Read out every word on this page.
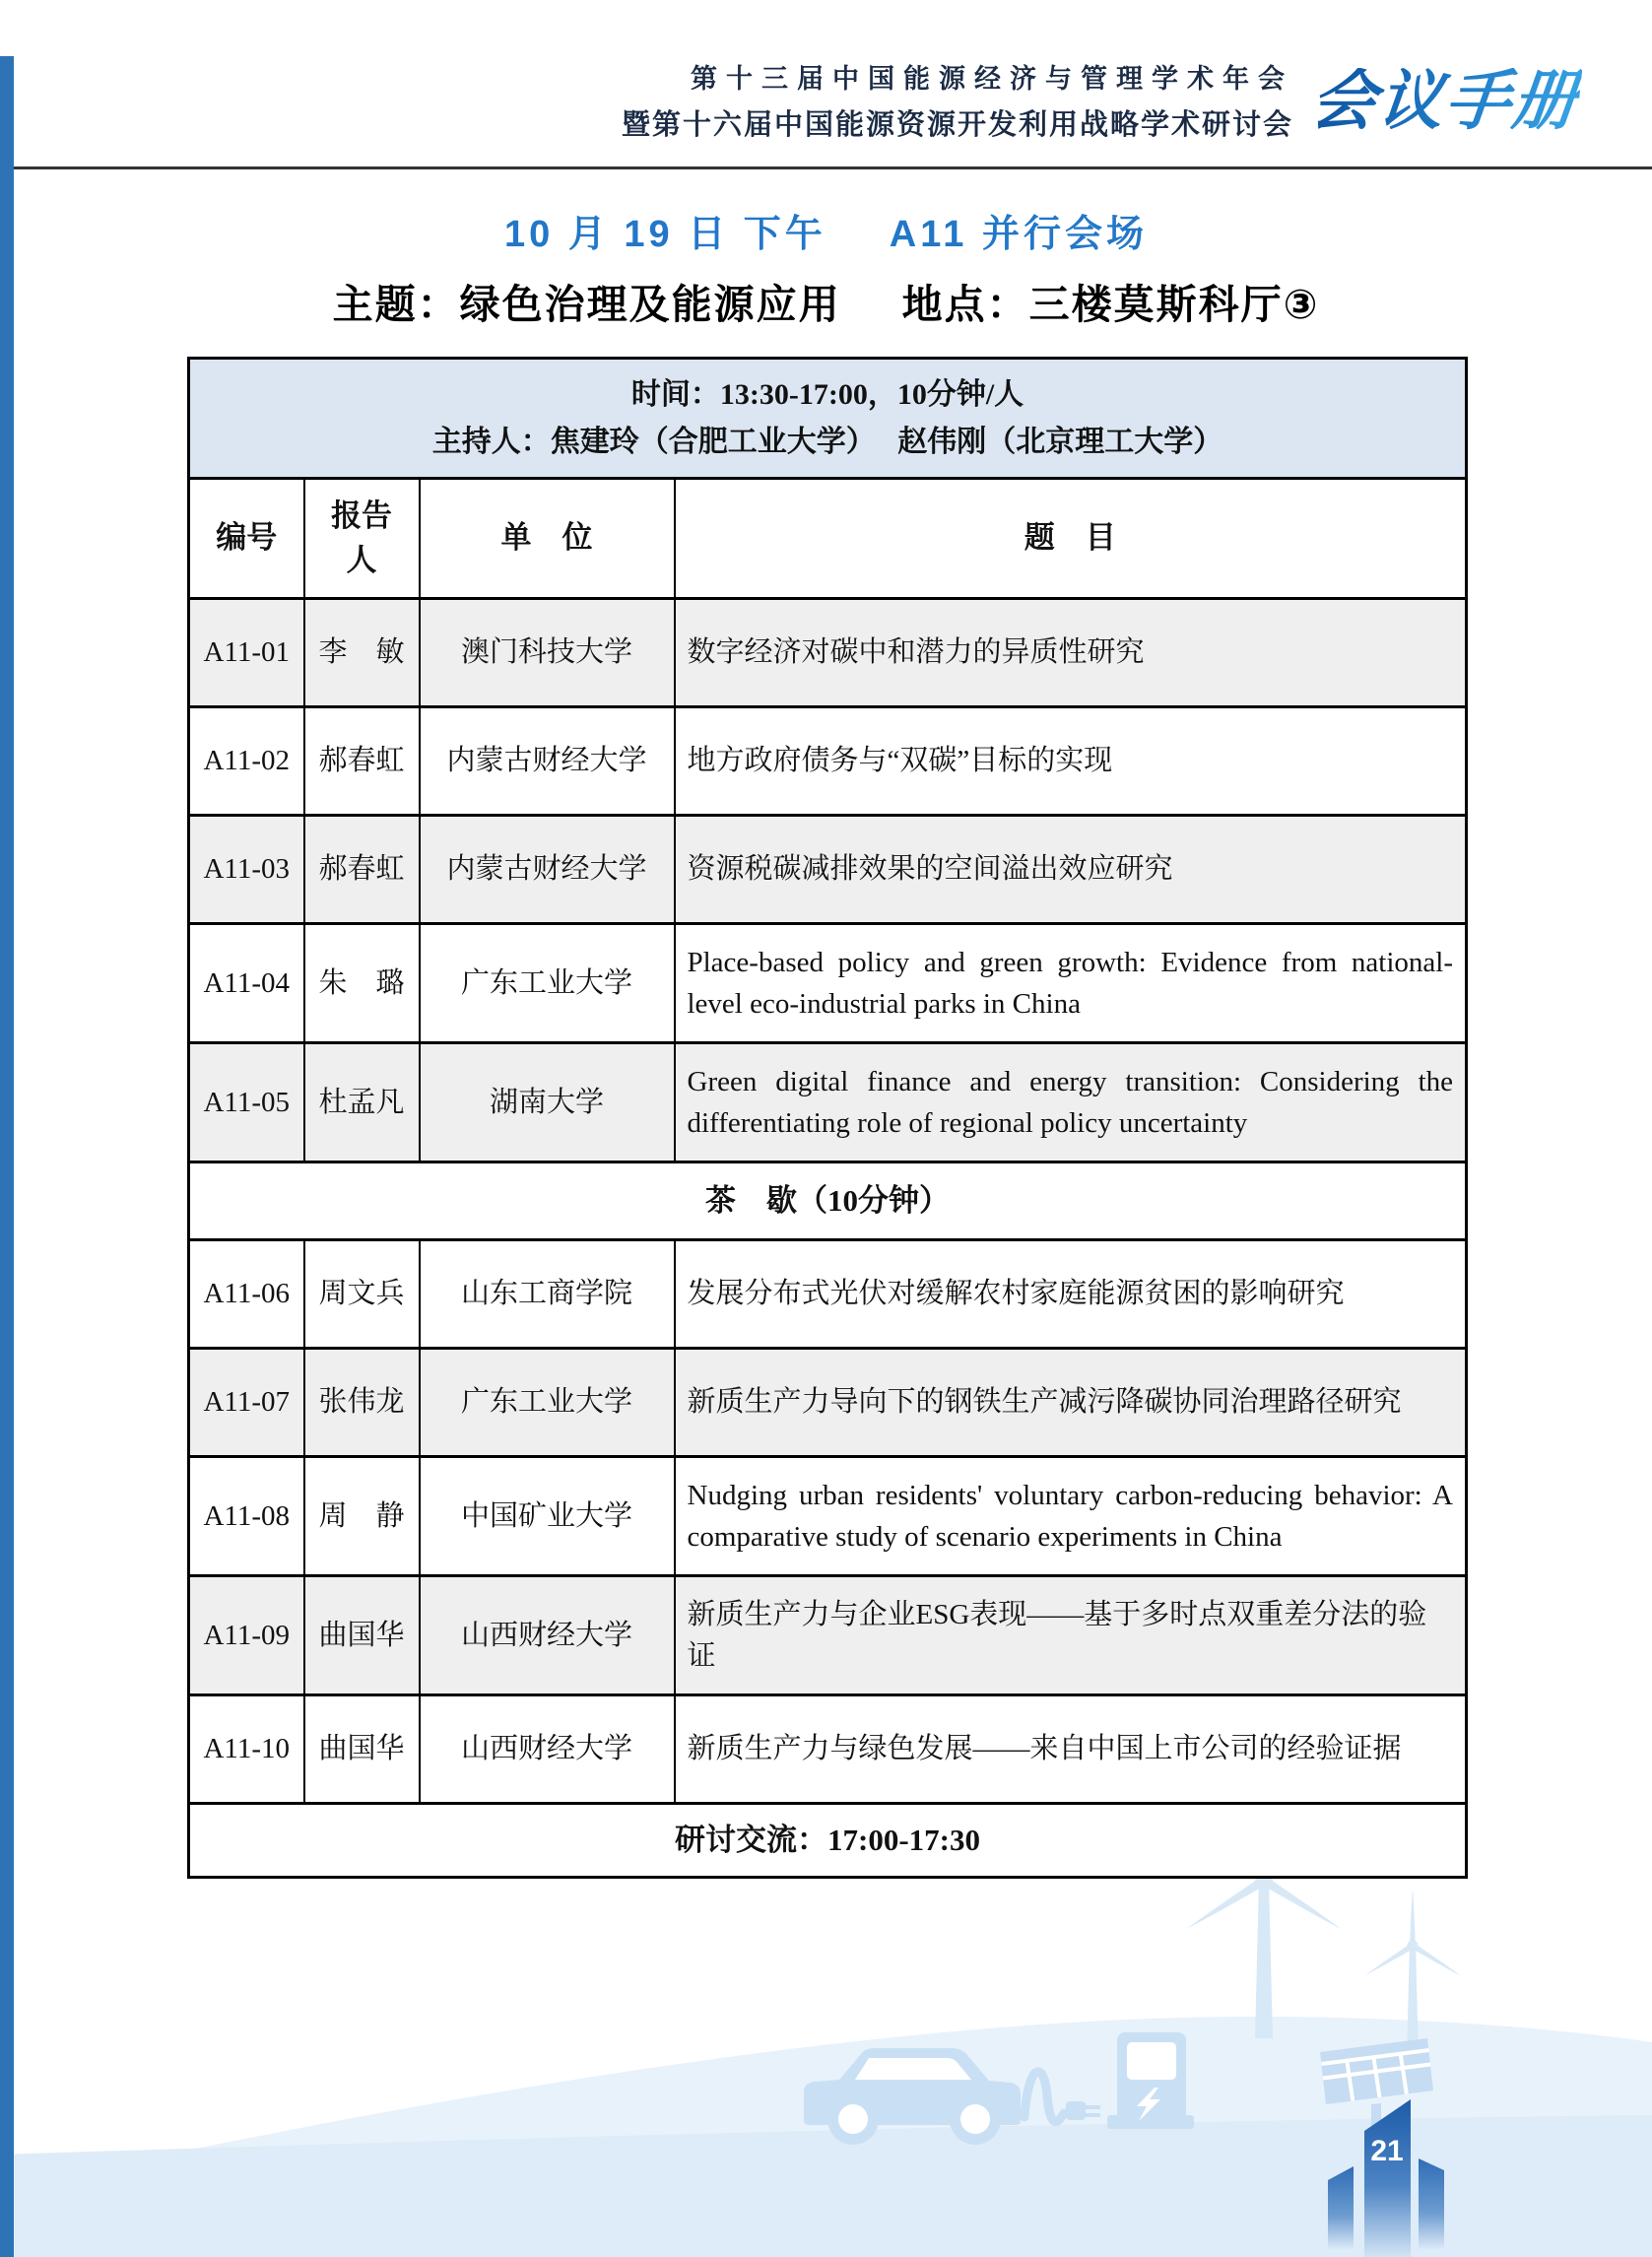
第十三届中国能源经济与管理学术年会
暨第十六届中国能源资源开发利用战略学术研讨会 会议手册
10 月 19 日 下午 A11 并行会场
主题：绿色治理及能源应用 地点：三楼莫斯科厅③
时间：13:30-17:00，10分钟/人
主持人：焦建玲（合肥工业大学）　 赵伟刚（北京理工大学）			

编号	报告人	单　位	题　目
A11-01	李　敏	澳门科技大学	数字经济对碳中和潜力的异质性研究
A11-02	郝春虹	内蒙古财经大学	地方政府债务与“双碳”目标的实现
A11-03	郝春虹	内蒙古财经大学	资源税碳减排效果的空间溢出效应研究
A11-04	朱　璐	广东工业大学	Place-based policy and green growth: Evidence from national-level eco-industrial parks in China
A11-05	杜孟凡	湖南大学	Green digital finance and energy transition: Considering the differentiating role of regional policy uncertainty
茶　歇（10分钟）			
A11-06	周文兵	山东工商学院	发展分布式光伏对缓解农村家庭能源贫困的影响研究
A11-07	张伟龙	广东工业大学	新质生产力导向下的钢铁生产减污降碳协同治理路径研究
A11-08	周　静	中国矿业大学	Nudging urban residents' voluntary carbon-reducing behavior: A comparative study of scenario experiments in China
A11-09	曲国华	山西财经大学	新质生产力与企业ESG表现——基于多时点双重差分法的验证
A11-10	曲国华	山西财经大学	新质生产力与绿色发展——来自中国上市公司的经验证据
研讨交流：17:00-17:30			
21
